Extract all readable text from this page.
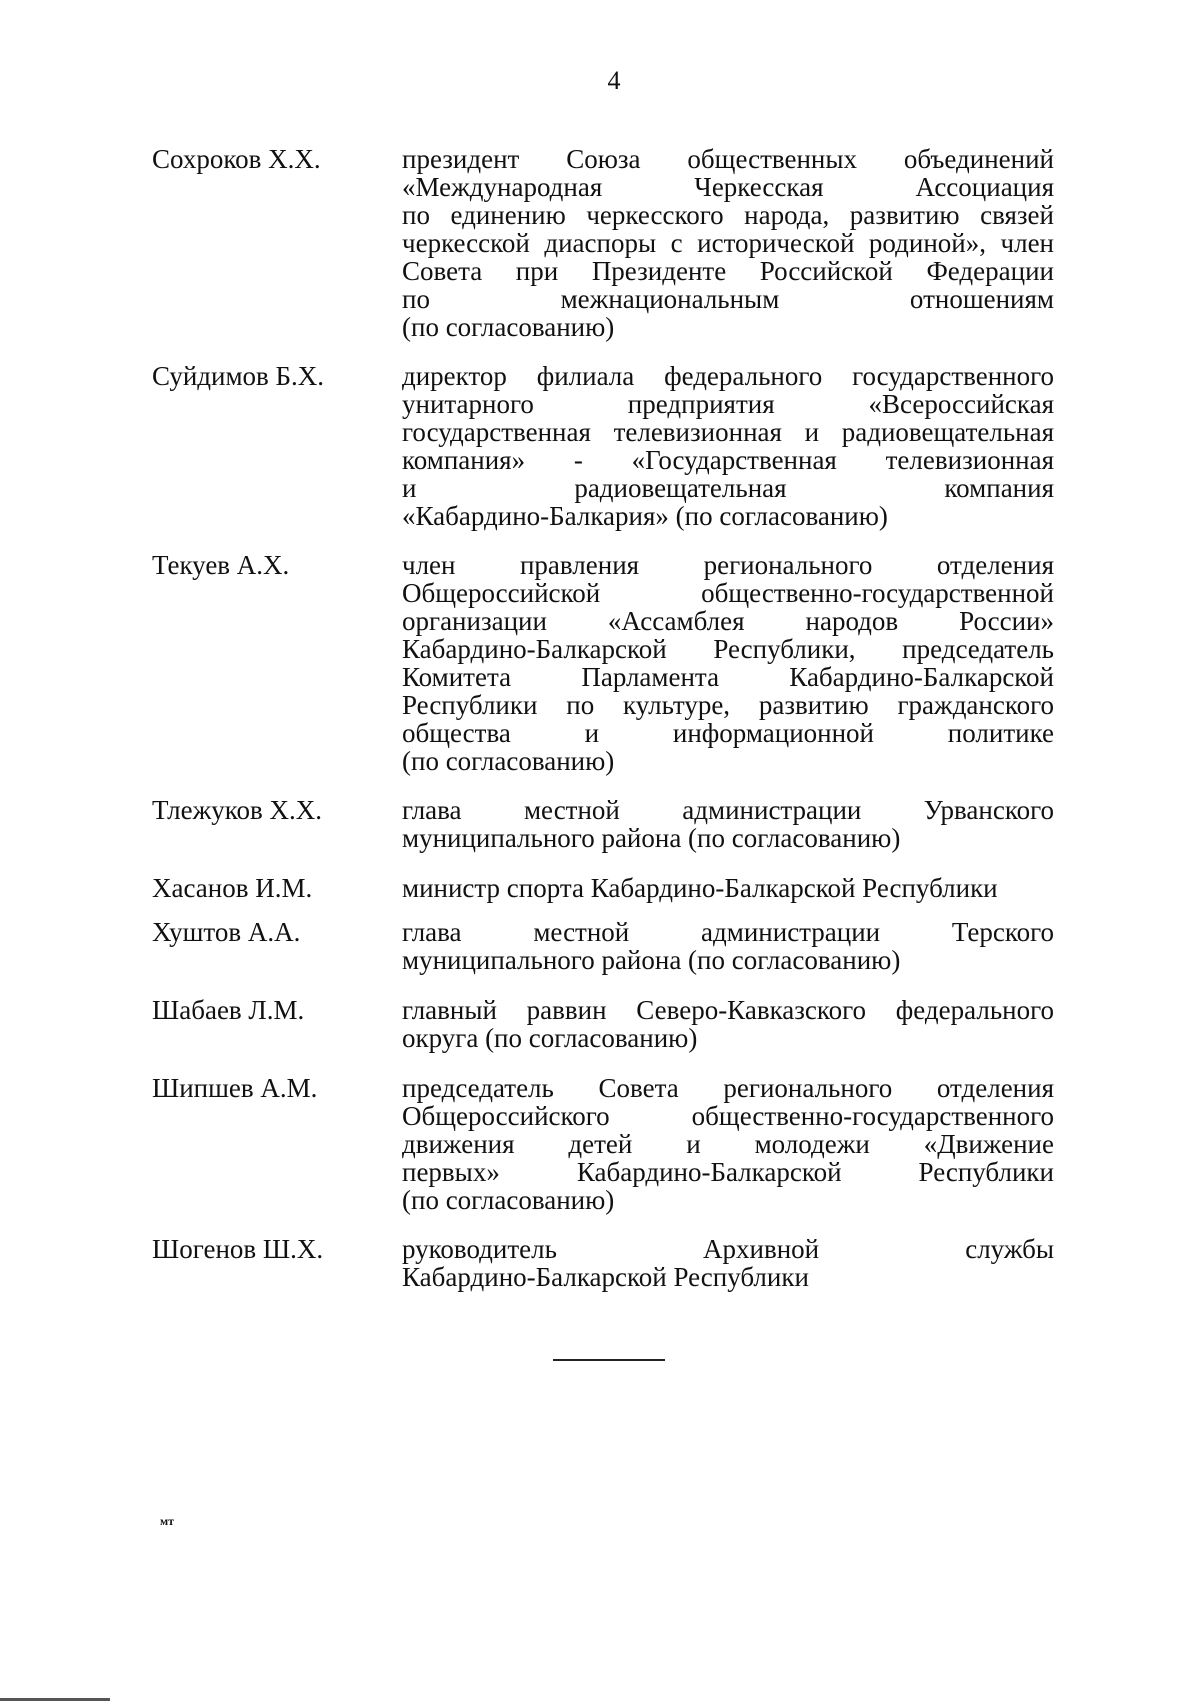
4
Сохроков Х.Х.	президент Союза общественных объединений
«Международная Черкесская Ассоциация
по единению черкесского народа, развитию связей
черкесской диаспоры с исторической родиной», член
Совета при Президенте Российской Федерации
по межнациональным отношениям
(по согласованию)
Суйдимов Б.Х.	директор филиала федерального государственного
унитарного предприятия «Всероссийская
государственная телевизионная и радиовещательная
компания» - «Государственная телевизионная
и радиовещательная компания
«Кабардино-Балкария» (по согласованию)
Текуев А.Х.	член правления регионального отделения
Общероссийской общественно-государственной
организации «Ассамблея народов России»
Кабардино-Балкарской Республики, председатель
Комитета Парламента Кабардино-Балкарской
Республики по культуре, развитию гражданского
общества и информационной политике
(по согласованию)
Тлежуков Х.Х.	глава местной администрации Урванского
муниципального района (по согласованию)
Хасанов И.М.	министр спорта Кабардино-Балкарской Республики
Хуштов А.А.	глава местной администрации Терского
муниципального района (по согласованию)
Шабаев Л.М.	главный раввин Северо-Кавказского федерального
округа (по согласованию)
Шипшев А.М.	председатель Совета регионального отделения
Общероссийского общественно-государственного
движения детей и молодежи «Движение
первых» Кабардино-Балкарской Республики
(по согласованию)
Шогенов Ш.Х.	руководитель Архивной службы
Кабардино-Балкарской Республики
мт
